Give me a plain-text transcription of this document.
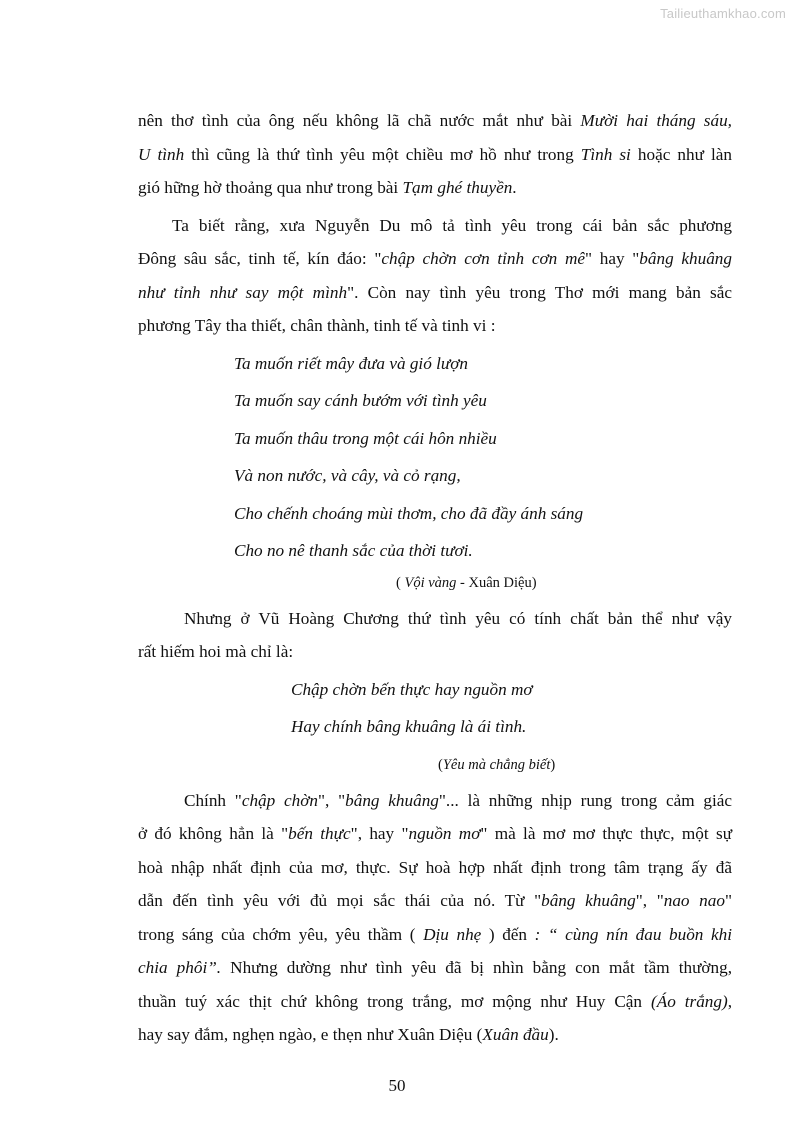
Tailieuthamkhao.com

nên thơ tình của ông nếu không lã chã nước mắt như bài Mười hai tháng sáu,
U tình thì cũng là thứ tình yêu một chiều mơ hồ như trong Tình si hoặc như làn
gió hững hờ thoảng qua như trong bài Tạm ghé thuyền.

Ta biết rằng, xưa Nguyễn Du mô tả tình yêu trong cái bản sắc phương
Đông sâu sắc, tinh tế, kín đáo: "chập chờn cơn tỉnh cơn mê" hay "bâng khuâng
như tỉnh như say một mình". Còn nay tình yêu trong Thơ mới mang bản sắc
phương Tây tha thiết, chân thành, tinh tế và tinh vi :

Ta muốn riết mây đưa và gió lượn
Ta muốn say cánh bướm với tình yêu
Ta muốn thâu trong một cái hôn nhiều
Và non nước, và cây, và cỏ rạng,
Cho chếnh choáng mùi thơm, cho đã đầy ánh sáng
Cho no nê thanh sắc của thời tươi.
( Vội vàng - Xuân Diệu)

Nhưng ở Vũ Hoàng Chương thứ tình yêu có tính chất bản thể như vậy
rất hiếm hoi mà chỉ là:

Chập chờn bến thực hay nguồn mơ
Hay chính bâng khuâng là ái tình.
(Yêu mà chẳng biết)

Chính "chập chờn", "bâng khuâng"... là những nhịp rung trong cảm giác
ở đó không hẳn là "bến thực", hay "nguồn mơ" mà là mơ mơ thực thực, một sự
hoà nhập nhất định của mơ, thực. Sự hoà hợp nhất định trong tâm trạng ấy đã
dẫn đến tình yêu với đủ mọi sắc thái của nó. Từ "bâng khuâng", "nao nao"
trong sáng của chớm yêu, yêu thầm ( Dịu nhẹ ) đến : “ cùng nín đau buồn khi
chia phôi”. Nhưng dường như tình yêu đã bị nhìn bằng con mắt tầm thường,
thuần tuý xác thịt chứ không trong trắng, mơ mộng như Huy Cận (Áo trắng),
hay say đắm, nghẹn ngào, e thẹn như Xuân Diệu (Xuân đầu).

50
